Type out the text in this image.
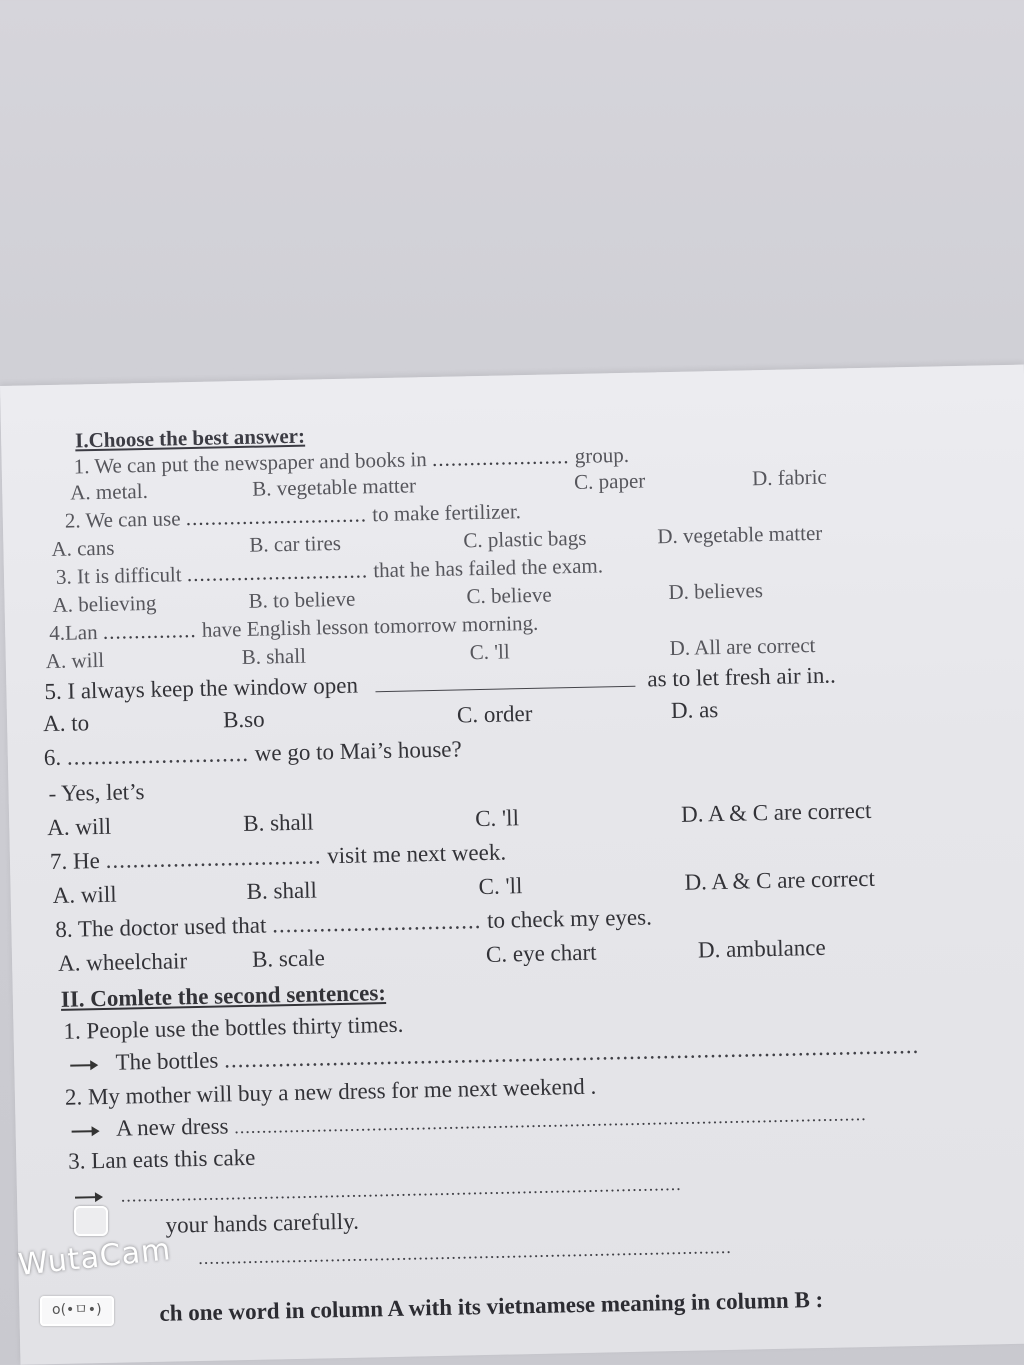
I.Choose the best answer:
1. We can put the newspaper and books in ...................... group.
A. metal.	B. vegetable matter	C. paper	D. fabric
2. We can use ............................. to make fertilizer.
A. cans	B. car tires	C. plastic bags	D. vegetable matter
3. It is difficult ............................. that he has failed the exam.
A. believing	B. to believe	C. believe	D. believes
4.Lan ............... have English lesson tomorrow morning.
A. will	B. shall	C. 'll	D. All are correct
5. I always keep the window open	as to let fresh air in..
A. to	B.so	C. order	D. as
6. ........................... we go to Mai’s house?
- Yes, let’s
A. will	B. shall	C. 'll	D. A & C are correct
7. He ................................ visit me next week.
A. will	B. shall	C. 'll	D. A & C are correct
8. The doctor used that ............................... to check my eyes.
A. wheelchair	B. scale	C. eye chart	D. ambulance
II. Comlete the second sentences:
1. People use the bottles thirty times.
The bottles .......................................................................................................
2. My mother will buy a new dress for me next weekend .
A new dress ...................................................................................................................
3. Lan eats this cake
......................................................................................................
your hands carefully.
.................................................................................................
ch one word in column A with its vietnamese meaning in column B :
WutaCam
o(•ㅁ•)
